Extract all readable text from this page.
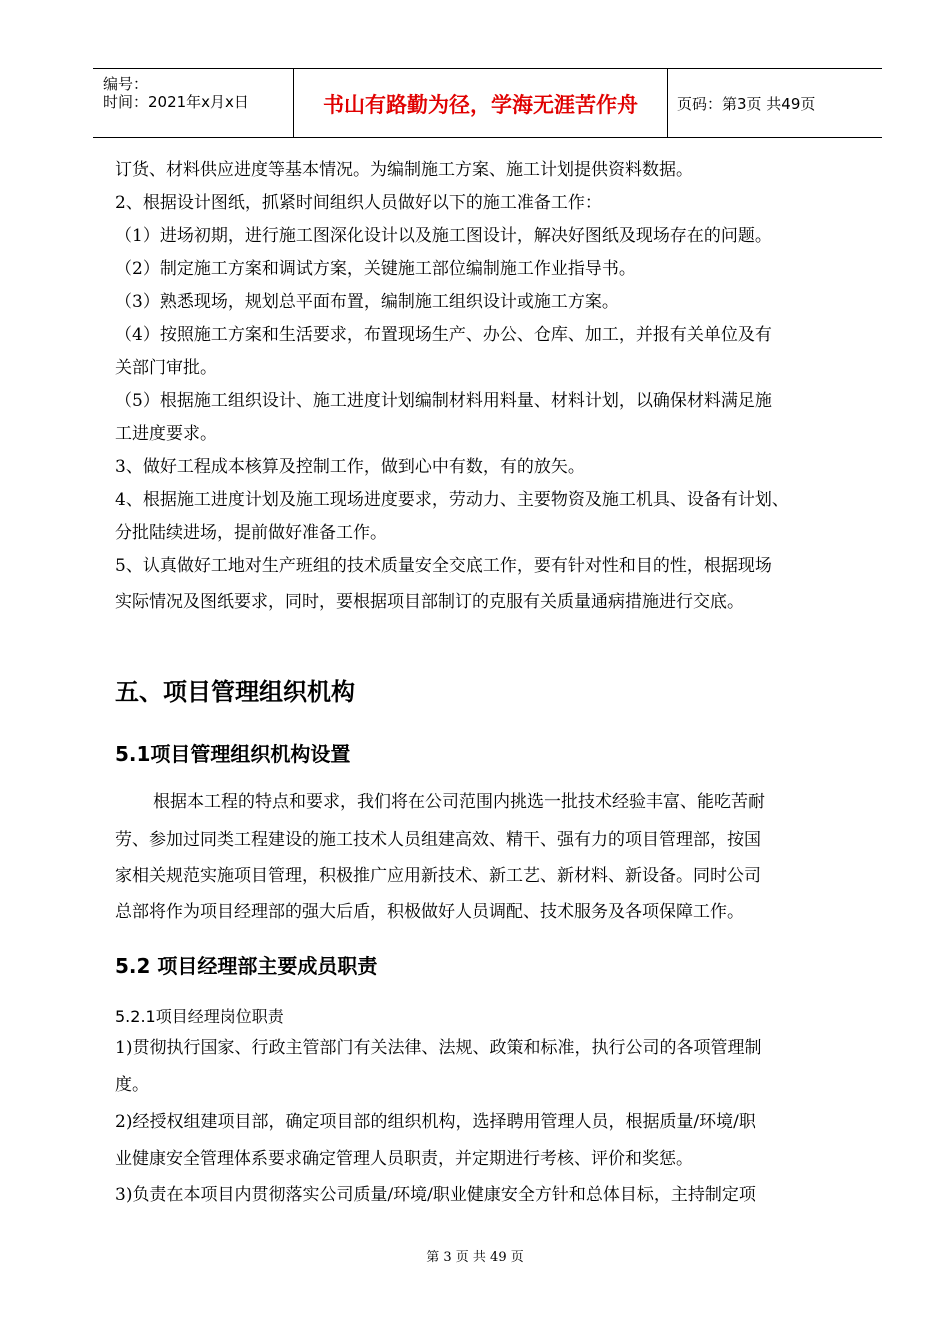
编号：
时间：2021年x月x日	书山有路勤为径，学海无涯苦作舟	页码：第3页 共49页
订货、材料供应进度等基本情况。为编制施工方案、施工计划提供资料数据。
2、根据设计图纸，抓紧时间组织人员做好以下的施工准备工作：
（1）进场初期，进行施工图深化设计以及施工图设计，解决好图纸及现场存在的问题。
（2）制定施工方案和调试方案，关键施工部位编制施工作业指导书。
（3）熟悉现场，规划总平面布置，编制施工组织设计或施工方案。
（4）按照施工方案和生活要求，布置现场生产、办公、仓库、加工，并报有关单位及有
关部门审批。
（5）根据施工组织设计、施工进度计划编制材料用料量、材料计划，以确保材料满足施
工进度要求。
3、做好工程成本核算及控制工作，做到心中有数，有的放矢。
4、根据施工进度计划及施工现场进度要求，劳动力、主要物资及施工机具、设备有计划、
分批陆续进场，提前做好准备工作。
5、认真做好工地对生产班组的技术质量安全交底工作，要有针对性和目的性，根据现场
实际情况及图纸要求，同时，要根据项目部制订的克服有关质量通病措施进行交底。
五、项目管理组织机构
5.1项目管理组织机构设置
根据本工程的特点和要求，我们将在公司范围内挑选一批技术经验丰富、能吃苦耐
劳、参加过同类工程建设的施工技术人员组建高效、精干、强有力的项目管理部，按国
家相关规范实施项目管理，积极推广应用新技术、新工艺、新材料、新设备。同时公司
总部将作为项目经理部的强大后盾，积极做好人员调配、技术服务及各项保障工作。
5.2 项目经理部主要成员职责
5.2.1项目经理岗位职责
1)贯彻执行国家、行政主管部门有关法律、法规、政策和标准，执行公司的各项管理制
度。
2)经授权组建项目部，确定项目部的组织机构，选择聘用管理人员，根据质量/环境/职
业健康安全管理体系要求确定管理人员职责，并定期进行考核、评价和奖惩。
3)负责在本项目内贯彻落实公司质量/环境/职业健康安全方针和总体目标，主持制定项
第 3 页 共 49 页
